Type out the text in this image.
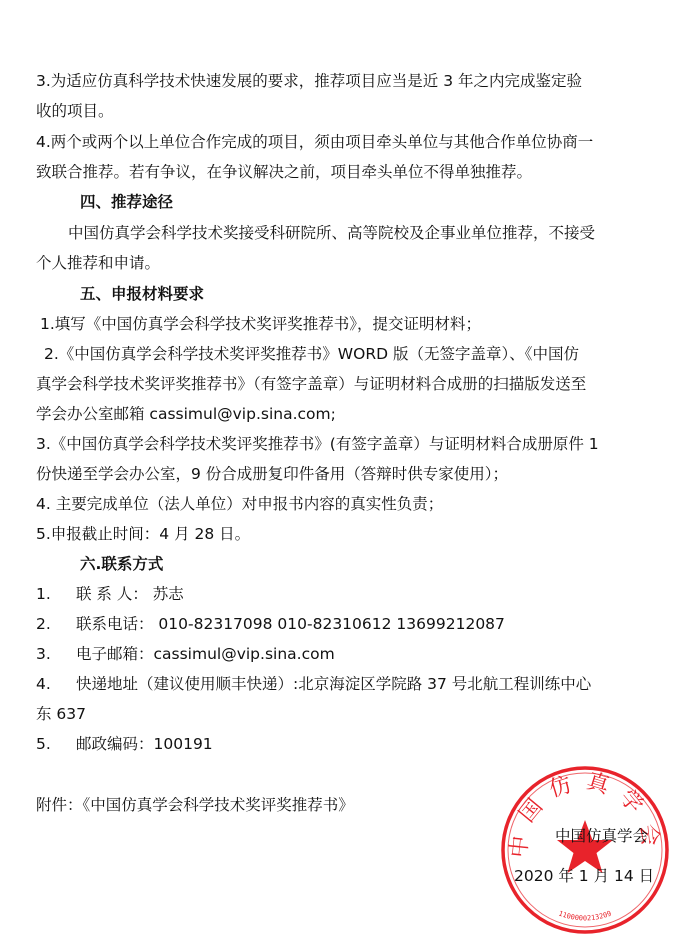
3.为适应仿真科学技术快速发展的要求，推荐项目应当是近 3 年之内完成鉴定验
收的项目。
4.两个或两个以上单位合作完成的项目，须由项目牵头单位与其他合作单位协商一
致联合推荐。若有争议，在争议解决之前，项目牵头单位不得单独推荐。
四、推荐途径
中国仿真学会科学技术奖接受科研院所、高等院校及企事业单位推荐，不接受
个人推荐和申请。
五、申报材料要求
1.填写《中国仿真学会科学技术奖评奖推荐书》，提交证明材料；
2.《中国仿真学会科学技术奖评奖推荐书》WORD 版（无签字盖章）、《中国仿
真学会科学技术奖评奖推荐书》（有签字盖章）与证明材料合成册的扫描版发送至
学会办公室邮箱 cassimul@vip.sina.com;
3.《中国仿真学会科学技术奖评奖推荐书》(有签字盖章）与证明材料合成册原件 1
份快递至学会办公室，9 份合成册复印件备用（答辩时供专家使用）；
4. 主要完成单位（法人单位）对申报书内容的真实性负责；
5.申报截止时间：4 月 28 日。
六.联系方式
1. 联 系 人： 苏志
2. 联系电话： 010-82317098 010-82310612 13699212087
3. 电子邮箱：cassimul@vip.sina.com
4. 快递地址（建议使用顺丰快递）:北京海淀区学院路 37 号北航工程训练中心
东 637
5. 邮政编码：100191
附件：《中国仿真学会科学技术奖评奖推荐书》
中国仿真学会
2020 年 1 月 14 日
中国仿真学会
1100000213209
